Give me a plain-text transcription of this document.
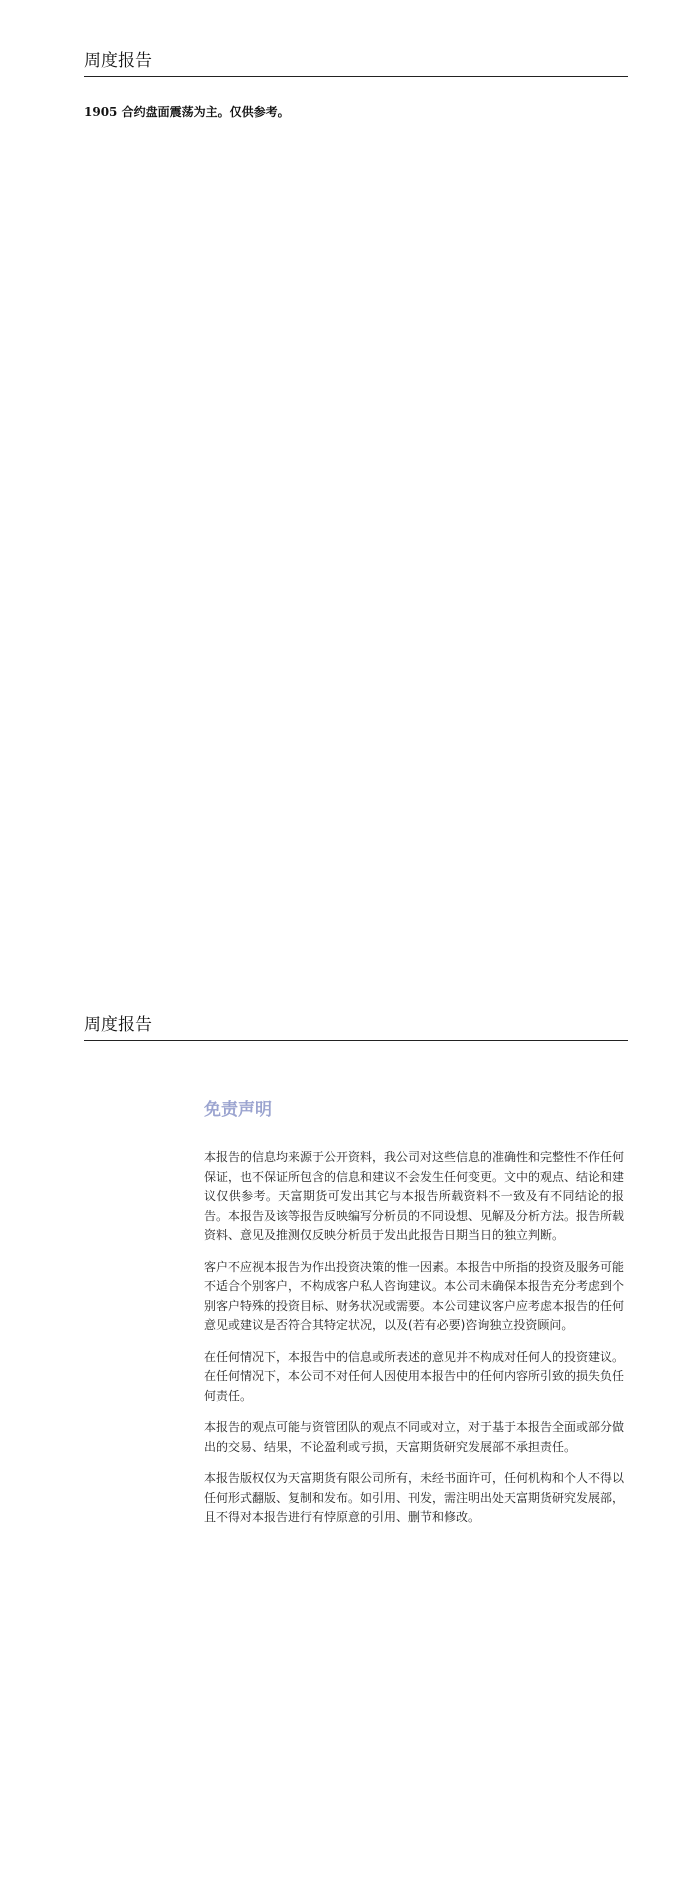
周度报告
1905 合约盘面震荡为主。仅供参考。
周度报告
免责声明

本报告的信息均来源于公开资料，我公司对这些信息的准确性和完整性不作任何保证，也不保证所包含的信息和建议不会发生任何变更。文中的观点、结论和建议仅供参考。天富期货可发出其它与本报告所载资料不一致及有不同结论的报告。本报告及该等报告反映编写分析员的不同设想、见解及分析方法。报告所载资料、意见及推测仅反映分析员于发出此报告日期当日的独立判断。

客户不应视本报告为作出投资决策的惟一因素。本报告中所指的投资及服务可能不适合个别客户，不构成客户私人咨询建议。本公司未确保本报告充分考虑到个别客户特殊的投资目标、财务状况或需要。本公司建议客户应考虑本报告的任何意见或建议是否符合其特定状况，以及(若有必要)咨询独立投资顾问。

在任何情况下，本报告中的信息或所表述的意见并不构成对任何人的投资建议。在任何情况下，本公司不对任何人因使用本报告中的任何内容所引致的损失负任何责任。

本报告的观点可能与资管团队的观点不同或对立，对于基于本报告全面或部分做出的交易、结果，不论盈利或亏损，天富期货研究发展部不承担责任。

本报告版权仅为天富期货有限公司所有，未经书面许可，任何机构和个人不得以任何形式翻版、复制和发布。如引用、刊发，需注明出处天富期货研究发展部，且不得对本报告进行有悖原意的引用、删节和修改。
